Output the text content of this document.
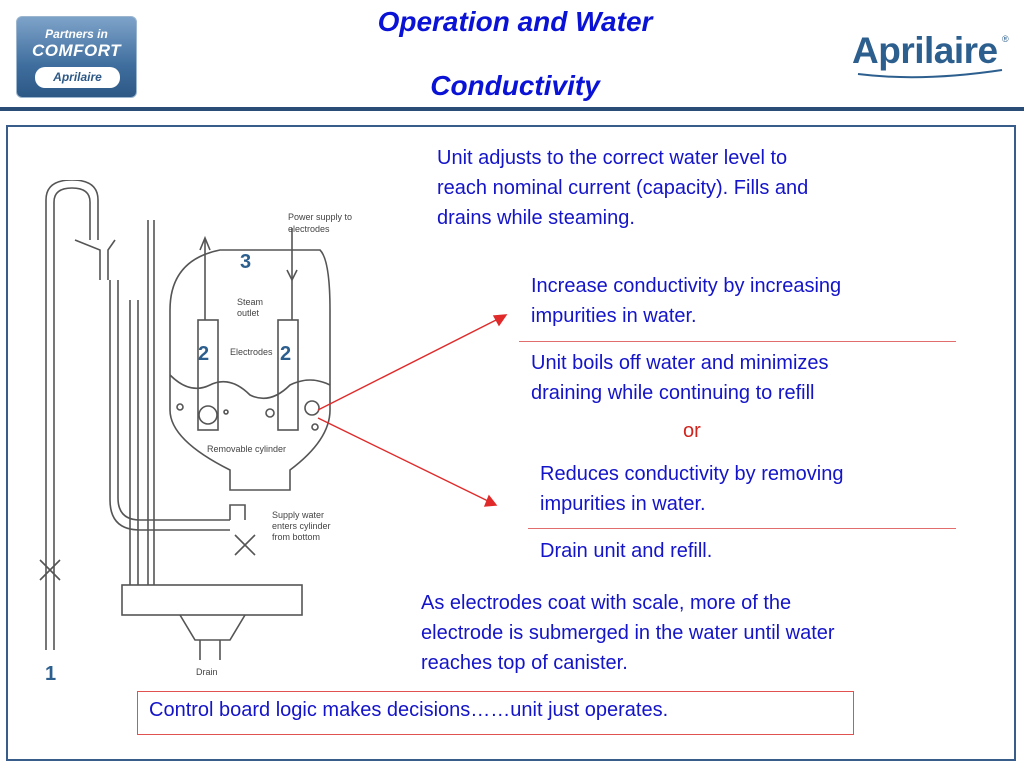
Partners in
COMFORT
Aprilaire
Operation and Water
Conductivity
Aprilaire ®
1
3
2	2
Power supply to
electrodes
Steam
outlet
Electrodes
Removable cylinder
Supply water
enters cylinder
from bottom
Drain
Unit adjusts to the correct water level to
reach nominal current (capacity). Fills and
drains while steaming.
Increase conductivity by increasing
impurities in water.
Unit boils off water and minimizes
draining while continuing to refill
or
Reduces conductivity by removing
impurities in water.
Drain unit and refill.
As electrodes coat with scale, more of the
electrode is submerged in the water until water
reaches top of canister.
Control board logic makes decisions……unit just operates.
